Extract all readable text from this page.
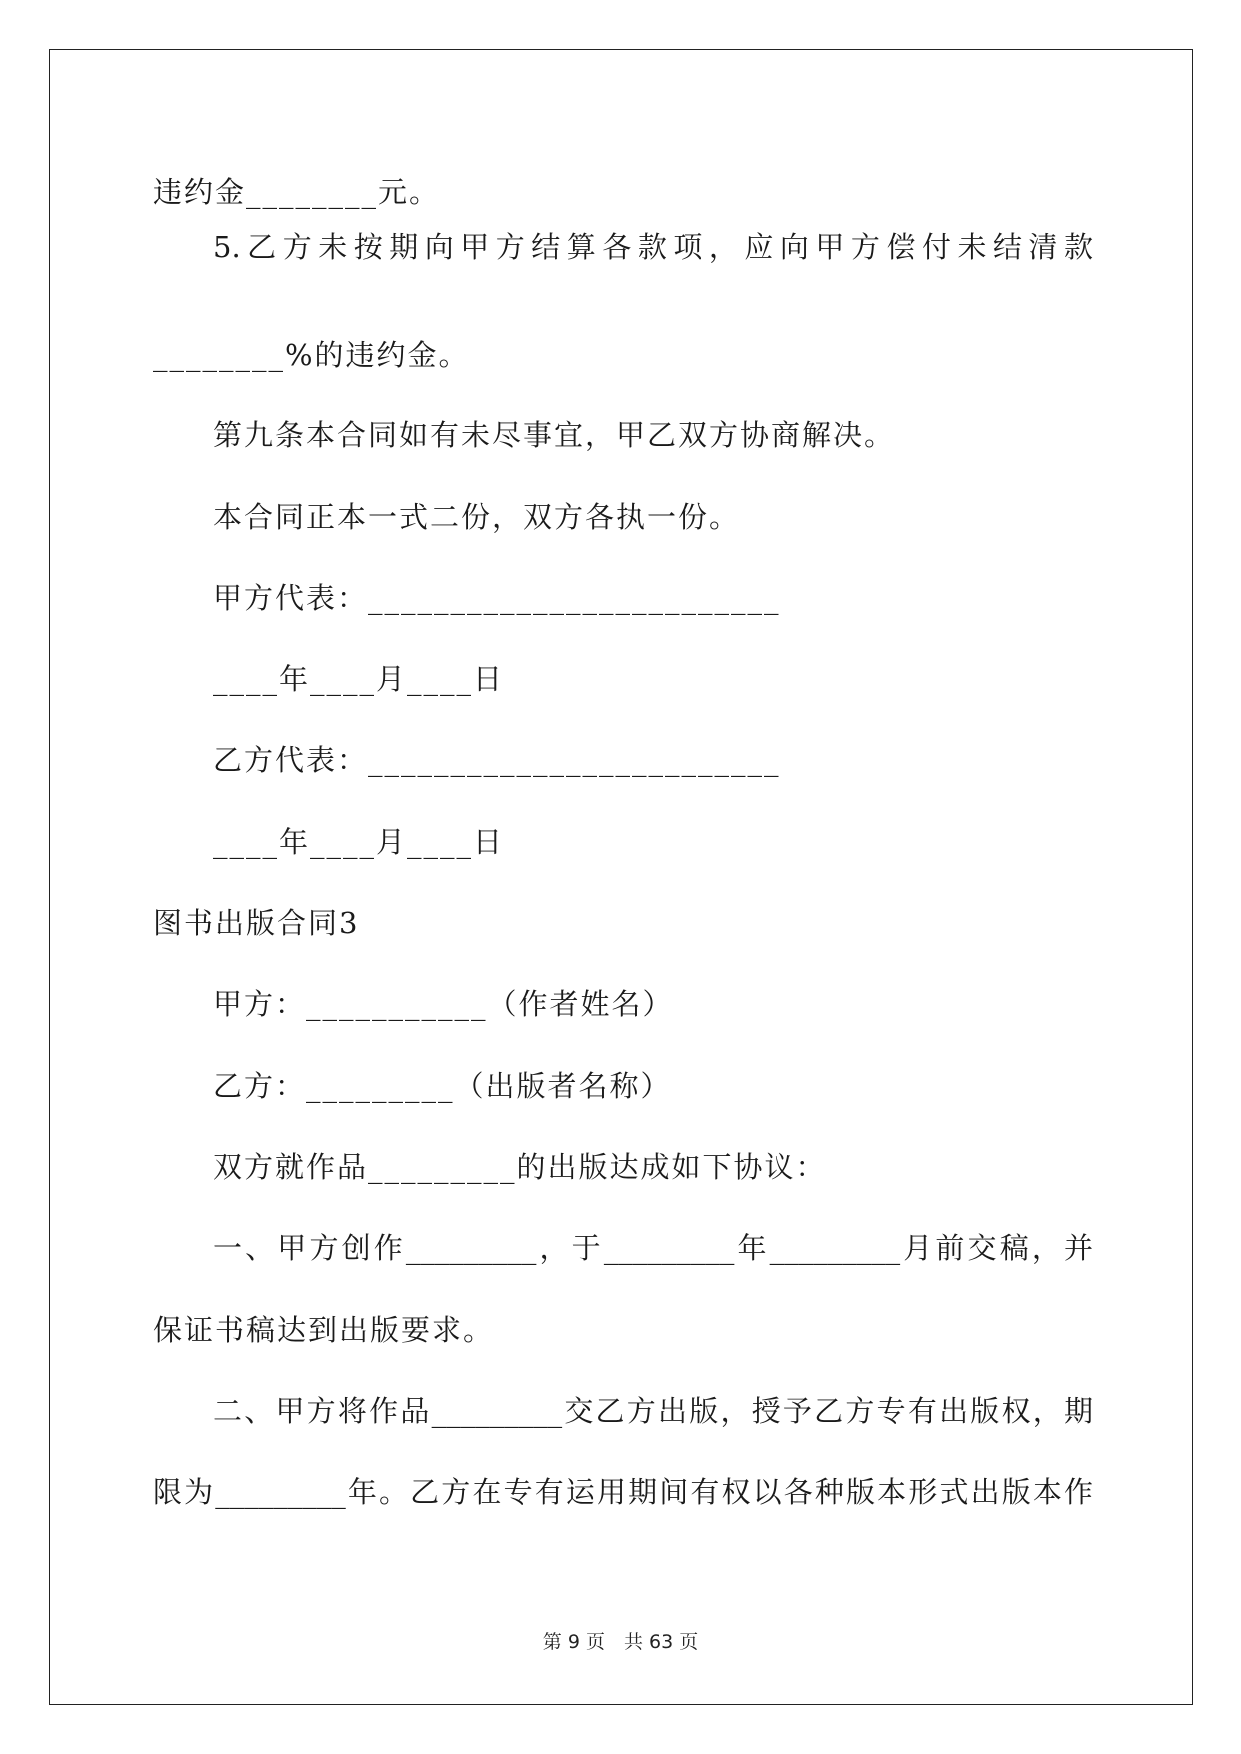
违约金________元。
5.乙方未按期向甲方结算各款项，应向甲方偿付未结清款
________%的违约金。
第九条本合同如有未尽事宜，甲乙双方协商解决。
本合同正本一式二份，双方各执一份。
甲方代表：_________________________
____年____月____日
乙方代表：_________________________
____年____月____日
图书出版合同3
甲方：___________（作者姓名）
乙方：_________（出版者名称）
双方就作品_________的出版达成如下协议：
一、甲方创作_________，于_________年_________月前交稿，并
保证书稿达到出版要求。
二、甲方将作品_________交乙方出版，授予乙方专有出版权，期
限为_________年。乙方在专有运用期间有权以各种版本形式出版本作
第 9 页　共 63 页
